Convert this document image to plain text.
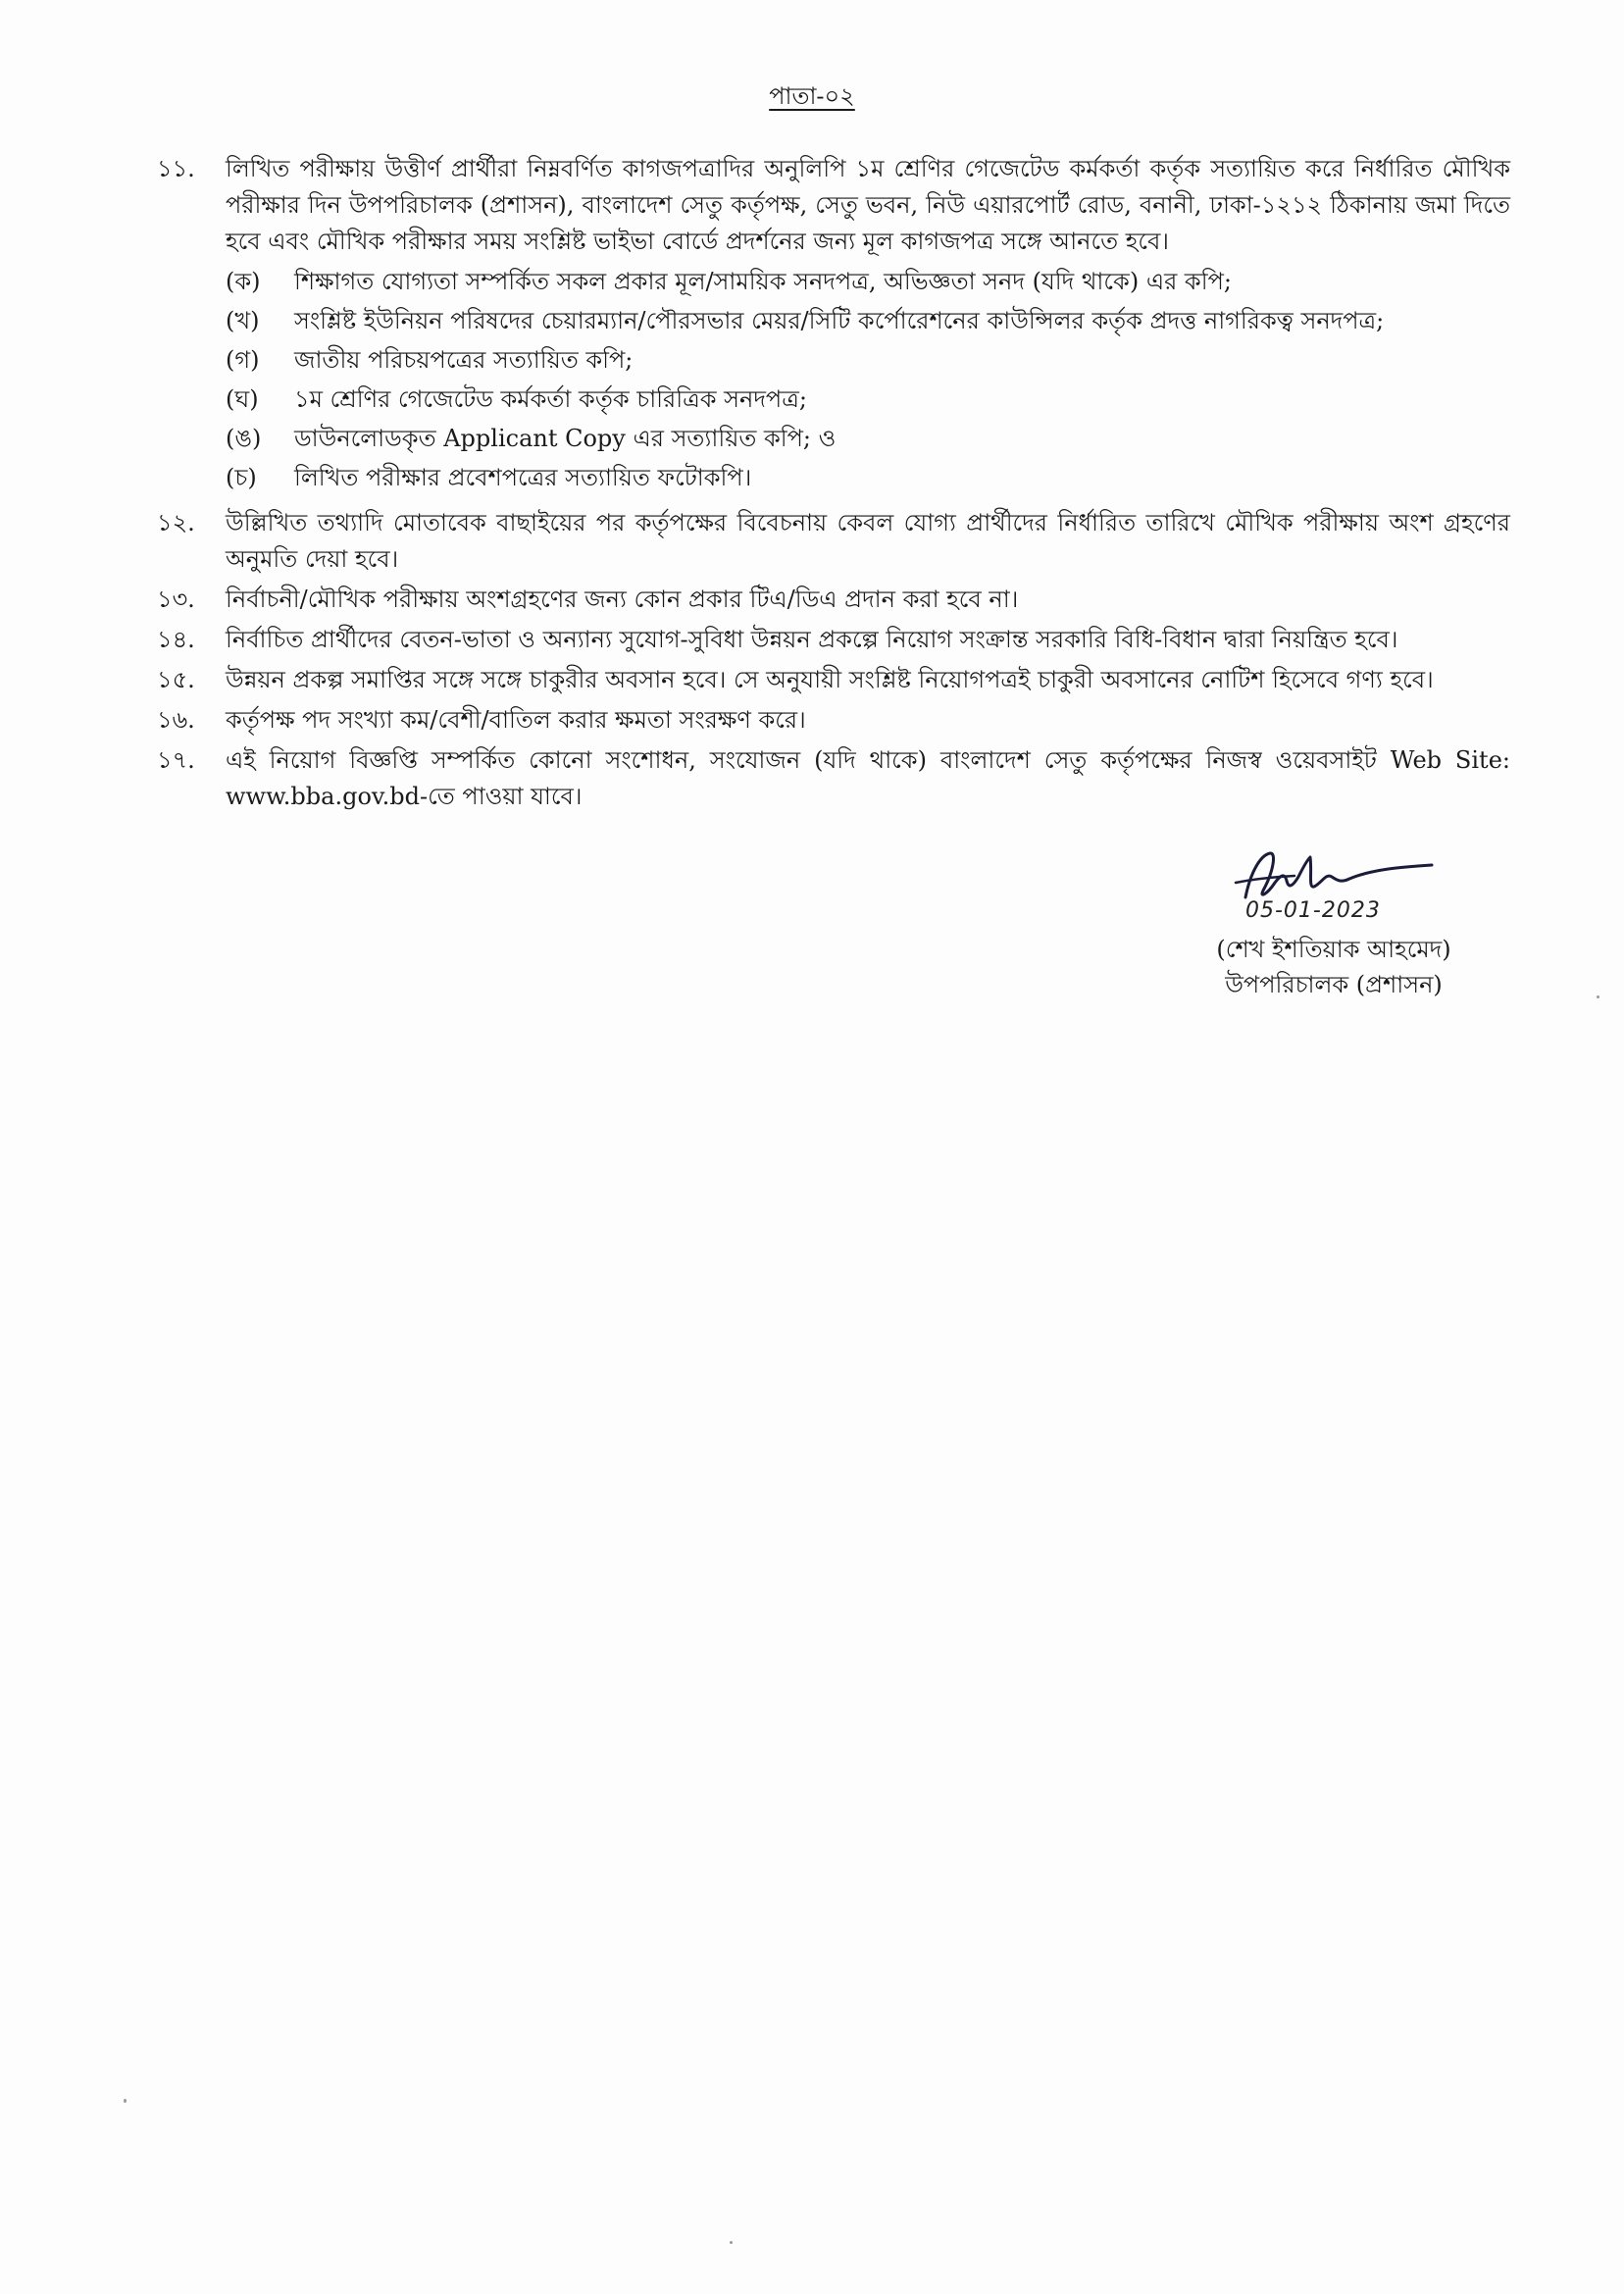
পাতা-০২
১১.	লিখিত পরীক্ষায় উত্তীর্ণ প্রার্থীরা নিম্নবর্ণিত কাগজপত্রাদির অনুলিপি ১ম শ্রেণির গেজেটেড কর্মকর্তা কর্তৃক সত্যায়িত করে নির্ধারিত মৌখিক পরীক্ষার দিন উপপরিচালক (প্রশাসন), বাংলাদেশ সেতু কর্তৃপক্ষ, সেতু ভবন, নিউ এয়ারপোর্ট রোড, বনানী, ঢাকা-১২১২ ঠিকানায় জমা দিতে হবে এবং মৌখিক পরীক্ষার সময় সংশ্লিষ্ট ভাইভা বোর্ডে প্রদর্শনের জন্য মূল কাগজপত্র সঙ্গে আনতে হবে।
(ক)	শিক্ষাগত যোগ্যতা সম্পর্কিত সকল প্রকার মূল/সাময়িক সনদপত্র, অভিজ্ঞতা সনদ (যদি থাকে) এর কপি;
(খ)	সংশ্লিষ্ট ইউনিয়ন পরিষদের চেয়ারম্যান/পৌরসভার মেয়র/সিটি কর্পোরেশনের কাউন্সিলর কর্তৃক প্রদত্ত নাগরিকত্ব সনদপত্র;
(গ)	জাতীয় পরিচয়পত্রের সত্যায়িত কপি;
(ঘ)	১ম শ্রেণির গেজেটেড কর্মকর্তা কর্তৃক চারিত্রিক সনদপত্র;
(ঙ)	ডাউনলোডকৃত Applicant Copy এর সত্যায়িত কপি; ও
(চ)	লিখিত পরীক্ষার প্রবেশপত্রের সত্যায়িত ফটোকপি।
১২.	উল্লিখিত তথ্যাদি মোতাবেক বাছাইয়ের পর কর্তৃপক্ষের বিবেচনায় কেবল যোগ্য প্রার্থীদের নির্ধারিত তারিখে মৌখিক পরীক্ষায় অংশ গ্রহণের অনুমতি দেয়া হবে।
১৩.	নির্বাচনী/মৌখিক পরীক্ষায় অংশগ্রহণের জন্য কোন প্রকার টিএ/ডিএ প্রদান করা হবে না।
১৪.	নির্বাচিত প্রার্থীদের বেতন-ভাতা ও অন্যান্য সুযোগ-সুবিধা উন্নয়ন প্রকল্পে নিয়োগ সংক্রান্ত সরকারি বিধি-বিধান দ্বারা নিয়ন্ত্রিত হবে।
১৫.	উন্নয়ন প্রকল্প সমাপ্তির সঙ্গে সঙ্গে চাকুরীর অবসান হবে। সে অনুযায়ী সংশ্লিষ্ট নিয়োগপত্রই চাকুরী অবসানের নোটিশ হিসেবে গণ্য হবে।
১৬.	কর্তৃপক্ষ পদ সংখ্যা কম/বেশী/বাতিল করার ক্ষমতা সংরক্ষণ করে।
১৭.	এই নিয়োগ বিজ্ঞপ্তি সম্পর্কিত কোনো সংশোধন, সংযোজন (যদি থাকে) বাংলাদেশ সেতু কর্তৃপক্ষের নিজস্ব ওয়েবসাইট Web Site: www.bba.gov.bd-তে পাওয়া যাবে।
05-01-2023
(শেখ ইশতিয়াক আহমেদ)
উপপরিচালক (প্রশাসন)
